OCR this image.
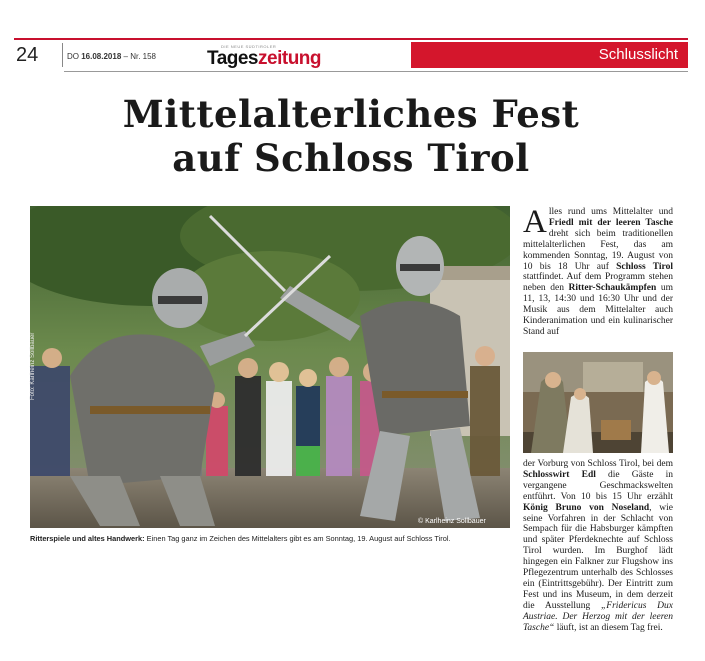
24	DO 16.08.2018 – Nr. 158
DIE NEUE SÜDTIROLER
Tageszeitung	Schlusslicht
Mittelalterliches Fest
auf Schloss Tirol
Foto: Karlheinz Sollbauer
© Karlheinz Sollbauer
Ritterspiele und altes Handwerk: Einen Tag ganz im Zeichen des Mittelalters gibt es am Sonntag, 19. August auf Schloss Tirol.
Alles rund ums Mittelalter und Friedl mit der leeren Tasche dreht sich beim traditionellen mittelalterlichen Fest, das am kommenden Sonntag, 19. August von 10 bis 18 Uhr auf Schloss Tirol stattfindet. Auf dem Programm stehen neben den Ritter-Schaukämpfen um 11, 13, 14:30 und 16:30 Uhr und der Musik aus dem Mittelalter auch Kinderanimation und ein kulinarischer Stand auf
der Vorburg von Schloss Tirol, bei dem Schlosswirt Edl die Gäste in vergangene Geschmackswelten entführt. Von 10 bis 15 Uhr erzählt König Bruno von Noseland, wie seine Vorfahren in der Schlacht von Sempach für die Habsburger kämpften und später Pferdeknechte auf Schloss Tirol wurden. Im Burghof lädt hingegen ein Falkner zur Flugshow ins Pflegezentrum unterhalb des Schlosses ein (Eintrittsgebühr). Der Eintritt zum Fest und ins Museum, in dem derzeit die Ausstellung „Fridericus Dux Austriae. Der Herzog mit der leeren Tasche“ läuft, ist an diesem Tag frei.
